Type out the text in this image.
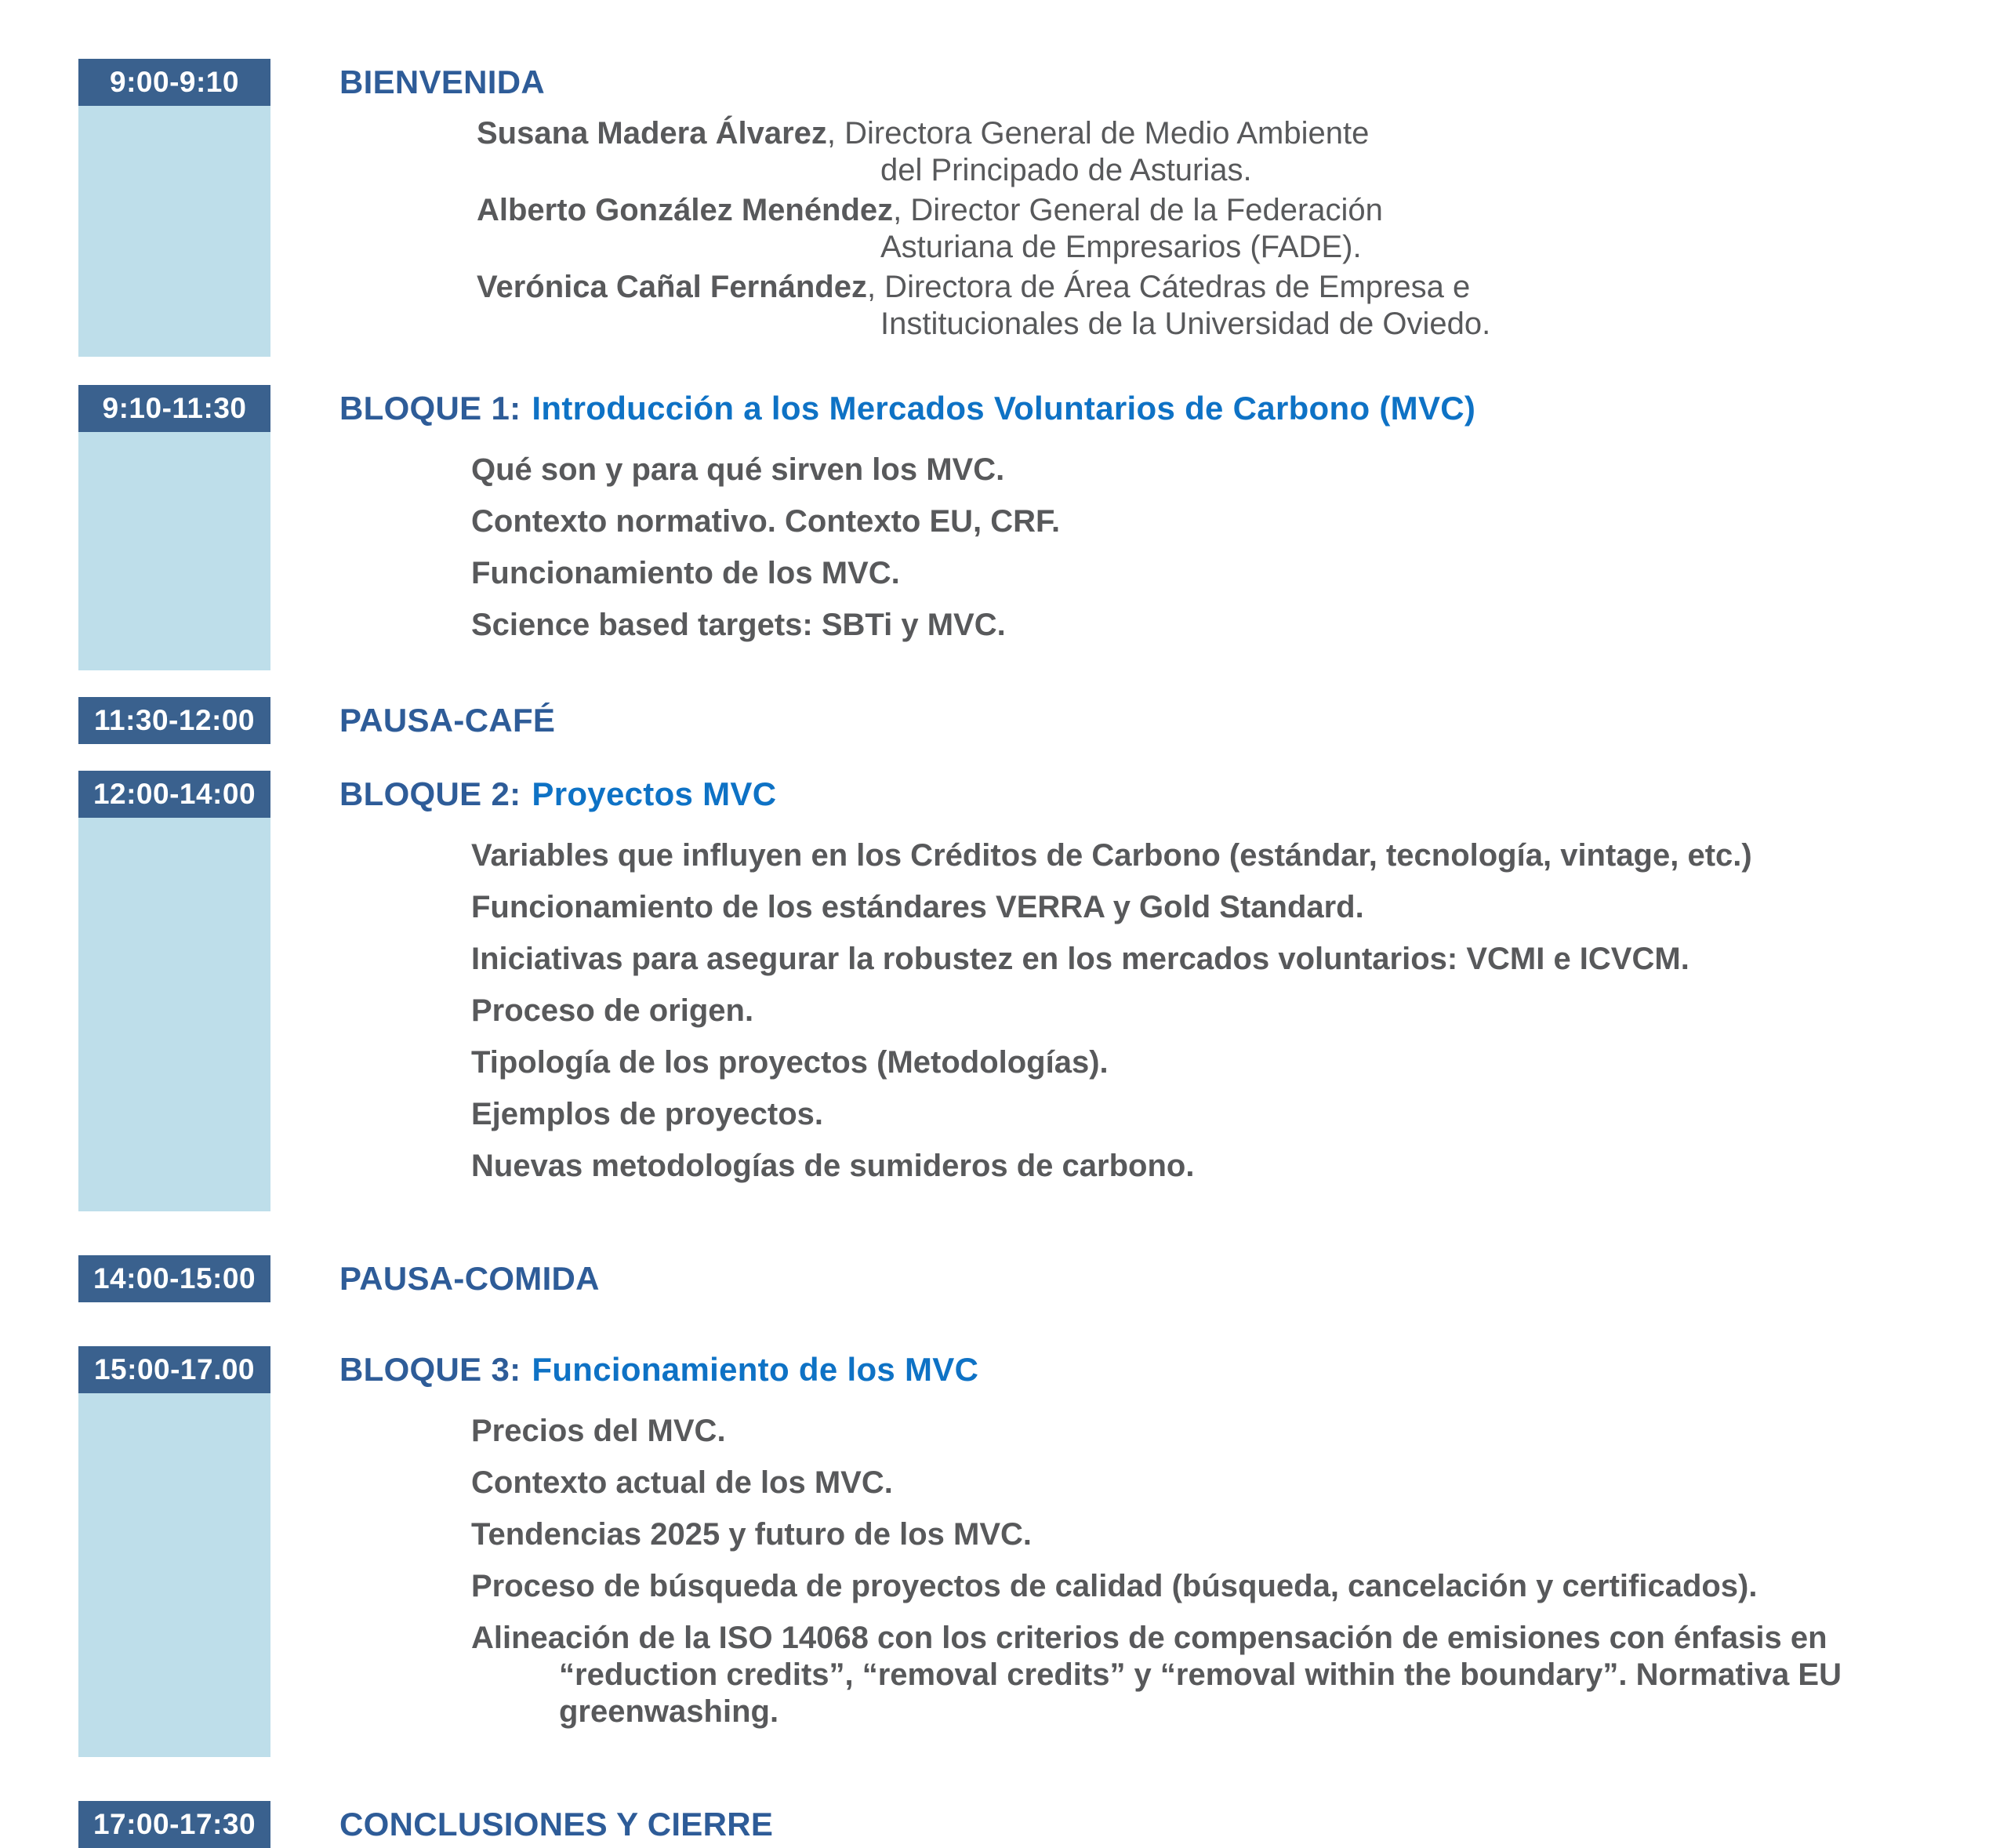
9:00-9:10	BIENVENIDA

Susana Madera Álvarez, Directora General de Medio Ambiente
del Principado de Asturias.

Alberto González Menéndez, Director General de la Federación
Asturiana de Empresarios (FADE).

Verónica Cañal Fernández, Directora de Área Cátedras de Empresa e
Institucionales de la Universidad de Oviedo.

9:10-11:30	BLOQUE 1: Introducción a los Mercados Voluntarios de Carbono (MVC)
Qué son y para qué sirven los MVC.
Contexto normativo. Contexto EU, CRF.
Funcionamiento de los MVC.
Science based targets: SBTi y MVC.
11:30-12:00	PAUSA-CAFÉ
12:00-14:00	BLOQUE 2: Proyectos MVC
Variables que influyen en los Créditos de Carbono (estándar, tecnología, vintage, etc.)
Funcionamiento de los estándares VERRA y Gold Standard.
Iniciativas para asegurar la robustez en los mercados voluntarios: VCMI e ICVCM.
Proceso de origen.
Tipología de los proyectos (Metodologías).
Ejemplos de proyectos.
Nuevas metodologías de sumideros de carbono.
14:00-15:00	PAUSA-COMIDA
15:00-17.00	BLOQUE 3: Funcionamiento de los MVC
Precios del MVC.
Contexto actual de los MVC.
Tendencias 2025 y futuro de los MVC.
Proceso de búsqueda de proyectos de calidad (búsqueda, cancelación y certificados).
Alineación de la ISO 14068 con los criterios de compensación de emisiones con énfasis en
“reduction credits”, “removal credits” y “removal within the boundary”. Normativa EU
greenwashing.
17:00-17:30	CONCLUSIONES Y CIERRE
